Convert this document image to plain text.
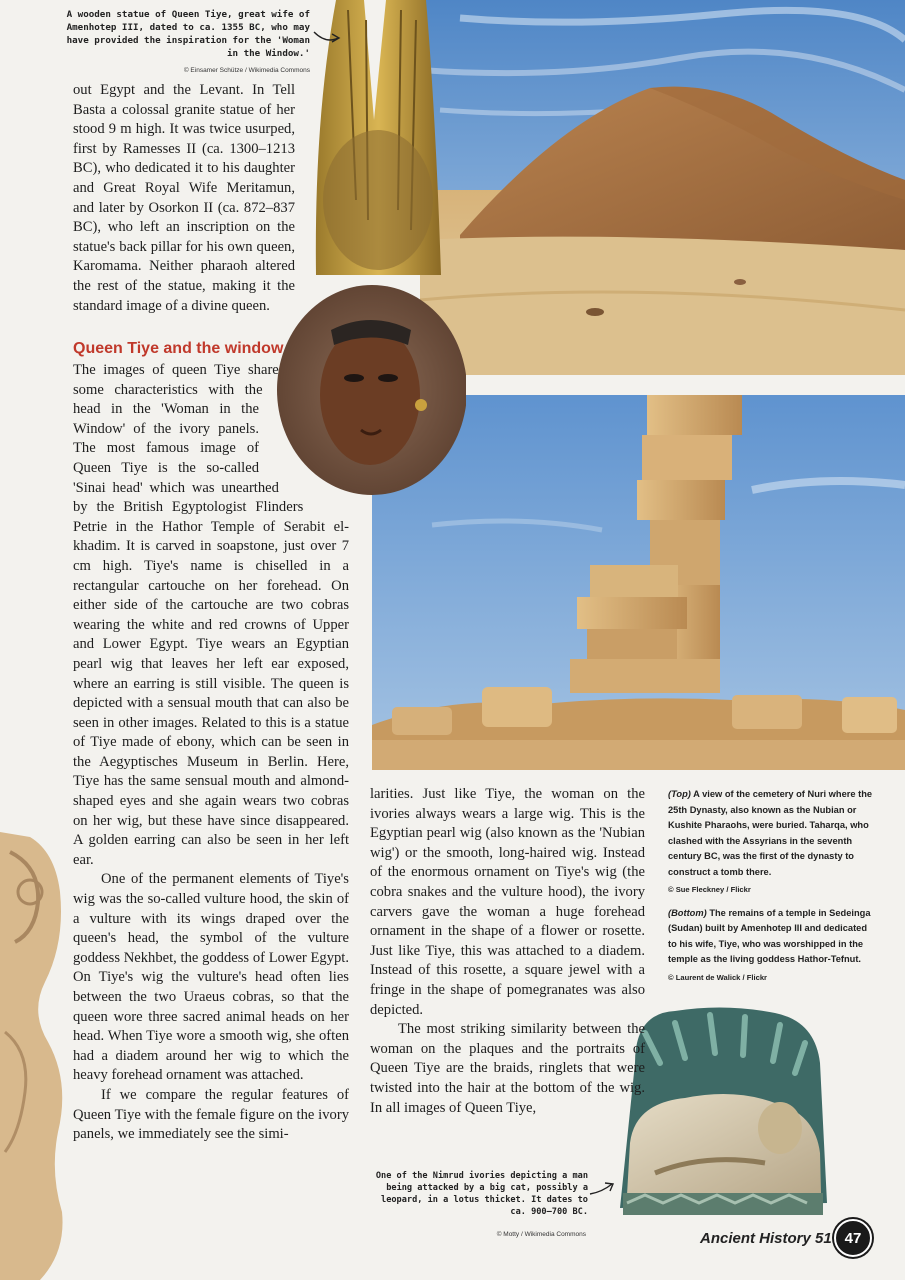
A wooden statue of Queen Tiye, great wife of Amenhotep III, dated to ca. 1355 BC, who may have provided the inspiration for the 'Woman in the Window.'
© Einsamer Schütze / Wikimedia Commons

out Egypt and the Levant. In Tell Basta a colossal granite statue of her stood 9 m high. It was twice usurped, first by Ramesses II (ca. 1300–1213 BC), who dedicated it to his daughter and Great Royal Wife Meritamun, and later by Osorkon II (ca. 872–837 BC), who left an inscription on the statue's back pillar for his own queen, Karomama. Neither pharaoh altered the rest of the statue, making it the standard image of a divine queen.

Queen Tiye and the window

The images of queen Tiye share some characteristics with the head in the 'Woman in the Window' of the ivory panels. The most famous image of Queen Tiye is the so-called 'Sinai head' which was unearthed by the British Egyptologist Flinders Petrie in the Hathor Temple of Serabit el-khadim. It is carved in soapstone, just over 7 cm high. Tiye's name is chiselled in a rectangular cartouche on her forehead. On either side of the cartouche are two cobras wearing the white and red crowns of Upper and Lower Egypt. Tiye wears an Egyptian pearl wig that leaves her left ear exposed, where an earring is still visible. The queen is depicted with a sensual mouth that can also be seen in other images. Related to this is a statue of Tiye made of ebony, which can be seen in the Aegyptisches Museum in Berlin. Here, Tiye has the same sensual mouth and almond-shaped eyes and she again wears two cobras on her wig, but these have since disappeared. A golden earring can also be seen in her left ear.

One of the permanent elements of Tiye's wig was the so-called vulture hood, the skin of a vulture with its wings draped over the queen's head, the symbol of the vulture goddess Nekhbet, the goddess of Lower Egypt. On Tiye's wig the vulture's head often lies between the two Uraeus cobras, so that the queen wore three sacred animal heads on her head. When Tiye wore a smooth wig, she often had a diadem around her wig to which the heavy forehead ornament was attached.

If we compare the regular features of Queen Tiye with the female figure on the ivory panels, we immediately see the simi-

larities. Just like Tiye, the woman on the ivories always wears a large wig. This is the Egyptian pearl wig (also known as the 'Nubian wig') or the smooth, long-haired wig. Instead of the enormous ornament on Tiye's wig (the cobra snakes and the vulture hood), the ivory carvers gave the woman a huge forehead ornament in the shape of a flower or rosette. Just like Tiye, this was attached to a diadem. Instead of this rosette, a square jewel with a fringe in the shape of pomegranates was also depicted.

The most striking similarity between the woman on the plaques and the portraits of Queen Tiye are the braids, ringlets that were twisted into the hair at the bottom of the wig. In all images of Queen Tiye,

(Top) A view of the cemetery of Nuri where the 25th Dynasty, also known as the Nubian or Kushite Pharaohs, were buried. Taharqa, who clashed with the Assyrians in the seventh century BC, was the first of the dynasty to construct a tomb there.
© Sue Fleckney / Flickr
(Bottom) The remains of a temple in Sedeinga (Sudan) built by Amenhotep III and dedicated to his wife, Tiye, who was worshipped in the temple as the living goddess Hathor-Tefnut.
© Laurent de Walick / Flickr
One of the Nimrud ivories depicting a man being attacked by a big cat, possibly a leopard, in a lotus thicket. It dates to ca. 900–700 BC.
© Motty / Wikimedia Commons	Ancient History 51 47
